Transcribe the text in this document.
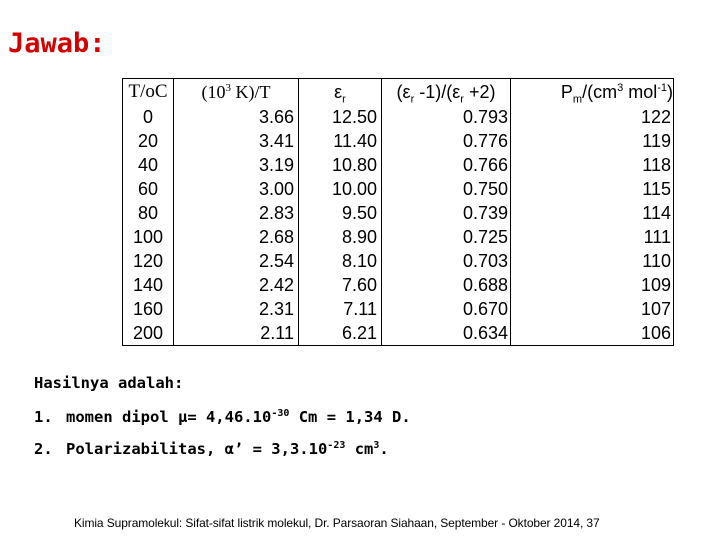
Jawab:
T/oC	($10^3$ K)/T	$\varepsilon_r$	($\varepsilon_r$ $-1)/(\varepsilon_r +2)$	$P_m/(cm^3$ mol$^{-1}$)
0	3.66	12.50	0.793	122
20	3.41	11.40	0.776	119
40	3.19	10.80	0.766	118
60	3.00	10.00	0.750	115
80	2.83	9.50	0.739	114
100	2.68	8.90	0.725	111
120	2.54	8.10	0.703	110
140	2.42	7.60	0.688	109
160	2.31	7.11	0.670	107
200	2.11	6.21	0.634	106
Hasilnya adalah:
1. momen dipol $\mu= 4,46.10^{-30}$ Cm = 1,34 D.
2. Polarizabilitas, α’ = $3,3.10^{-23}$ $cm^3$.
Kimia Supramolekul: Sifat-sifat listrik molekul, Dr. Parsaoran Siahaan, September - Oktober 2014, 37
